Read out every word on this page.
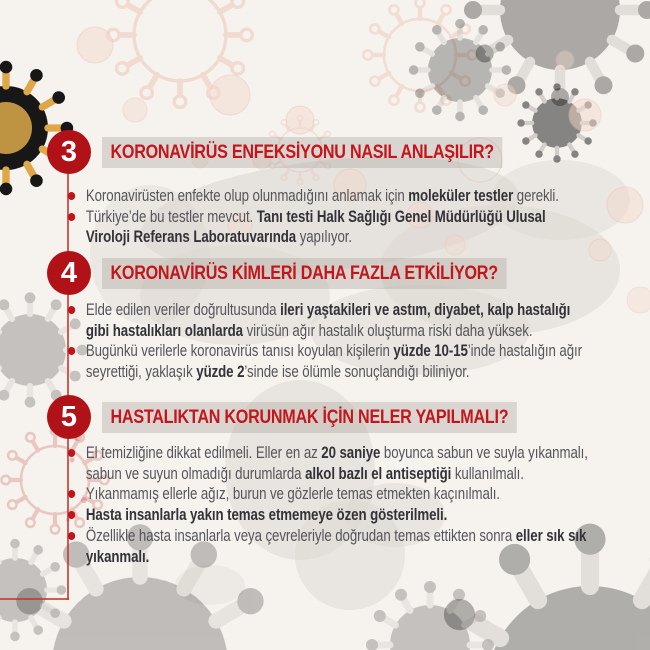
3	KORONAVİRÜS ENFEKSİYONU NASIL ANLAŞILIR?
Koronavirüsten enfekte olup olunmadığını anlamak için moleküler testler gerekli.
Türkiye’de bu testler mevcut. Tanı testi Halk Sağlığı Genel Müdürlüğü Ulusal Viroloji Referans Laboratuvarında yapılıyor.
4	KORONAVİRÜS KİMLERİ DAHA FAZLA ETKİLİYOR?
Elde edilen veriler doğrultusunda ileri yaştakileri ve astım, diyabet, kalp hastalığı gibi hastalıkları olanlarda virüsün ağır hastalık oluşturma riski daha yüksek.
Bugünkü verilerle koronavirüs tanısı koyulan kişilerin yüzde 10-15’inde hastalığın ağır seyrettiği, yaklaşık yüzde 2’sinde ise ölümle sonuçlandığı biliniyor.
5	HASTALIKTAN KORUNMAK İÇİN NELER YAPILMALI?
El temizliğine dikkat edilmeli. Eller en az 20 saniye boyunca sabun ve suyla yıkanmalı, sabun ve suyun olmadığı durumlarda alkol bazlı el antiseptiği kullanılmalı.
Yıkanmamış ellerle ağız, burun ve gözlerle temas etmekten kaçınılmalı.
Hasta insanlarla yakın temas etmemeye özen gösterilmeli.
Özellikle hasta insanlarla veya çevreleriyle doğrudan temas ettikten sonra eller sık sık yıkanmalı.
